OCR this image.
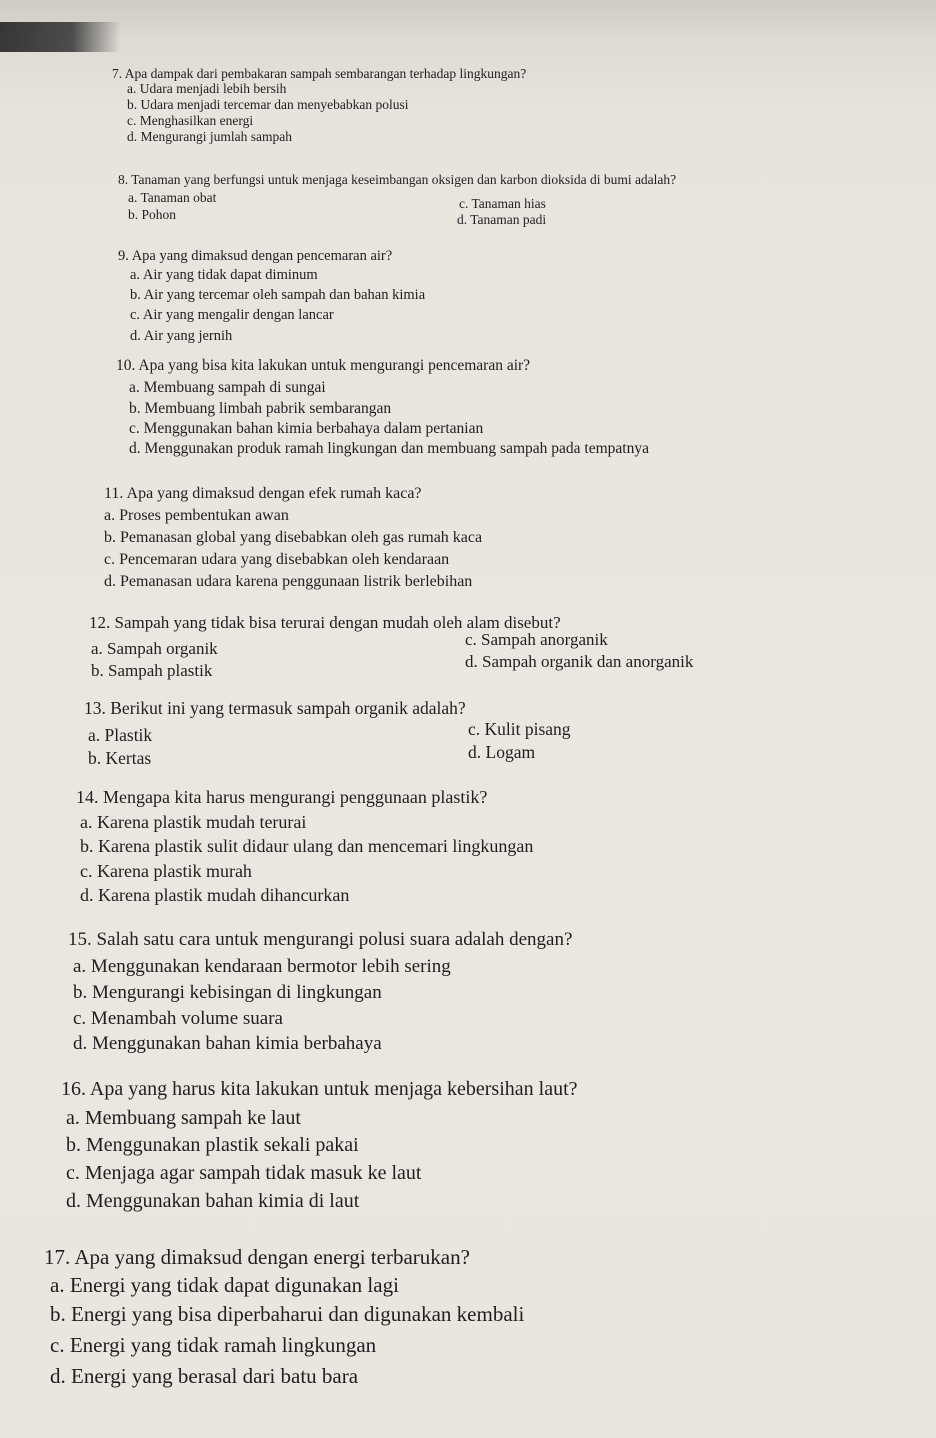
7. Apa dampak dari pembakaran sampah sembarangan terhadap lingkungan?
a. Udara menjadi lebih bersih
b. Udara menjadi tercemar dan menyebabkan polusi
c. Menghasilkan energi
d. Mengurangi jumlah sampah
8. Tanaman yang berfungsi untuk menjaga keseimbangan oksigen dan karbon dioksida di bumi adalah?
a. Tanaman obat
b. Pohon
c. Tanaman hias
d. Tanaman padi
9. Apa yang dimaksud dengan pencemaran air?
a. Air yang tidak dapat diminum
b. Air yang tercemar oleh sampah dan bahan kimia
c. Air yang mengalir dengan lancar
d. Air yang jernih
10. Apa yang bisa kita lakukan untuk mengurangi pencemaran air?
a. Membuang sampah di sungai
b. Membuang limbah pabrik sembarangan
c. Menggunakan bahan kimia berbahaya dalam pertanian
d. Menggunakan produk ramah lingkungan dan membuang sampah pada tempatnya
11. Apa yang dimaksud dengan efek rumah kaca?
a. Proses pembentukan awan
b. Pemanasan global yang disebabkan oleh gas rumah kaca
c. Pencemaran udara yang disebabkan oleh kendaraan
d. Pemanasan udara karena penggunaan listrik berlebihan
12. Sampah yang tidak bisa terurai dengan mudah oleh alam disebut?
a. Sampah organik
b. Sampah plastik
c. Sampah anorganik
d. Sampah organik dan anorganik
13. Berikut ini yang termasuk sampah organik adalah?
a. Plastik
b. Kertas
c. Kulit pisang
d. Logam
14. Mengapa kita harus mengurangi penggunaan plastik?
a. Karena plastik mudah terurai
b. Karena plastik sulit didaur ulang dan mencemari lingkungan
c. Karena plastik murah
d. Karena plastik mudah dihancurkan
15. Salah satu cara untuk mengurangi polusi suara adalah dengan?
a. Menggunakan kendaraan bermotor lebih sering
b. Mengurangi kebisingan di lingkungan
c. Menambah volume suara
d. Menggunakan bahan kimia berbahaya
16. Apa yang harus kita lakukan untuk menjaga kebersihan laut?
a. Membuang sampah ke laut
b. Menggunakan plastik sekali pakai
c. Menjaga agar sampah tidak masuk ke laut
d. Menggunakan bahan kimia di laut
17. Apa yang dimaksud dengan energi terbarukan?
a. Energi yang tidak dapat digunakan lagi
b. Energi yang bisa diperbaharui dan digunakan kembali
c. Energi yang tidak ramah lingkungan
d. Energi yang berasal dari batu bara
